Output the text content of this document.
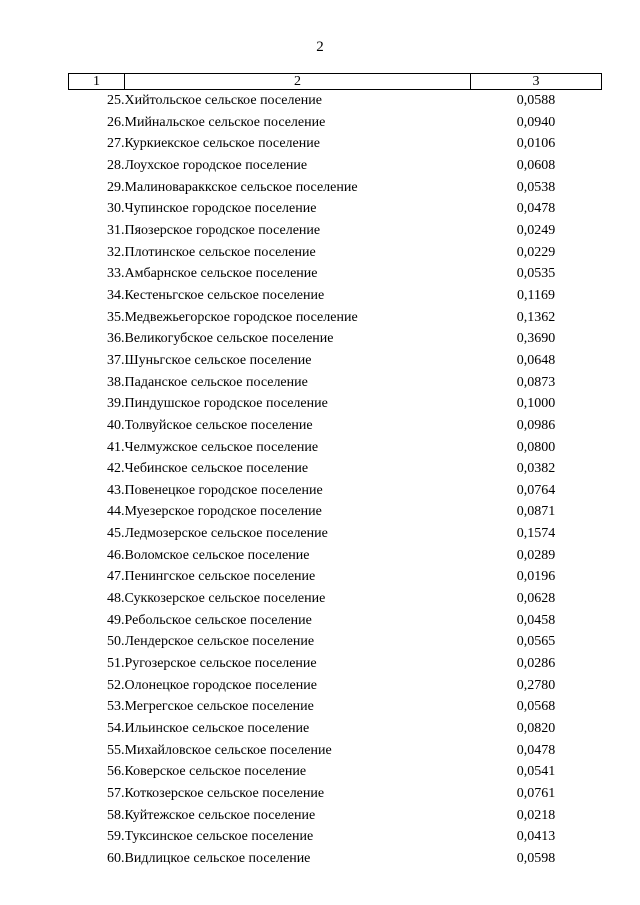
2
1	2	3
25.	Хийтольское сельское поселение	0,0588
26.	Мийнальское сельское поселение	0,0940
27.	Куркиекское сельское поселение	0,0106
28.	Лоухское городское поселение	0,0608
29.	Малиновараккское сельское поселение	0,0538
30.	Чупинское городское поселение	0,0478
31.	Пяозерское городское поселение	0,0249
32.	Плотинское сельское поселение	0,0229
33.	Амбарнское сельское поселение	0,0535
34.	Кестеньгское сельское поселение	0,1169
35.	Медвежьегорское городское поселение	0,1362
36.	Великогубское сельское поселение	0,3690
37.	Шуньгское сельское поселение	0,0648
38.	Паданское сельское поселение	0,0873
39.	Пиндушское городское поселение	0,1000
40.	Толвуйское сельское поселение	0,0986
41.	Челмужское сельское поселение	0,0800
42.	Чебинское сельское поселение	0,0382
43.	Повенецкое городское поселение	0,0764
44.	Муезерское городское поселение	0,0871
45.	Ледмозерское сельское поселение	0,1574
46.	Воломское сельское поселение	0,0289
47.	Пенингское сельское поселение	0,0196
48.	Суккозерское сельское поселение	0,0628
49.	Ребольское сельское поселение	0,0458
50.	Лендерское сельское поселение	0,0565
51.	Ругозерское сельское поселение	0,0286
52.	Олонецкое городское поселение	0,2780
53.	Мегрегское сельское поселение	0,0568
54.	Ильинское сельское поселение	0,0820
55.	Михайловское сельское поселение	0,0478
56.	Коверское сельское поселение	0,0541
57.	Коткозерское сельское поселение	0,0761
58.	Куйтежское сельское поселение	0,0218
59.	Туксинское сельское поселение	0,0413
60.	Видлицкое сельское поселение	0,0598
